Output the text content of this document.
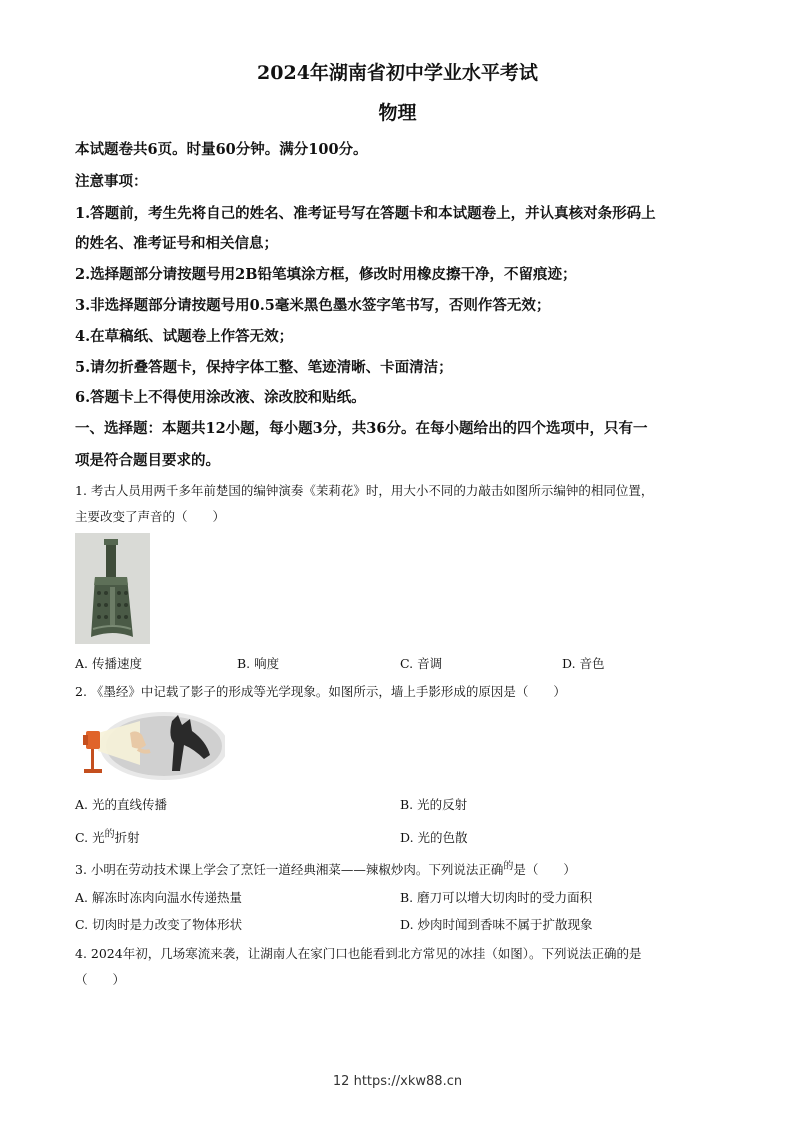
2024年湖南省初中学业水平考试
物理
本试题卷共6页。时量60分钟。满分100分。
注意事项：
1.答题前，考生先将自己的姓名、准考证号写在答题卡和本试题卷上，并认真核对条形码上
的姓名、准考证号和相关信息；
2.选择题部分请按题号用2B铅笔填涂方框，修改时用橡皮擦干净，不留痕迹；
3.非选择题部分请按题号用0.5毫米黑色墨水签字笔书写，否则作答无效；
4.在草稿纸、试题卷上作答无效；
5.请勿折叠答题卡，保持字体工整、笔迹清晰、卡面清洁；
6.答题卡上不得使用涂改液、涂改胶和贴纸。
一、选择题：本题共12小题，每小题3分，共36分。在每小题给出的四个选项中，只有一
项是符合题目要求的。
1. 考古人员用两千多年前楚国的编钟演奏《茉莉花》时，用大小不同的力敲击如图所示编钟的相同位置，
主要改变了声音的（　　）
A. 传播速度	B. 响度	C. 音调	D. 音色
2. 《墨经》中记载了影子的形成等光学现象。如图所示，墙上手影形成的原因是（　　）
A. 光的直线传播	B. 光的反射
C. 光$^的$折射	D. 光的色散
3. 小明在劳动技术课上学会了烹饪一道经典湘菜——辣椒炒肉。下列说法正确$^的$是（　　）
A. 解冻时冻肉向温水传递热量	B. 磨刀可以增大切肉时的受力面积
C. 切肉时是力改变了物体形状	D. 炒肉时闻到香味不属于扩散现象
4. 2024年初，几场寒流来袭，让湖南人在家门口也能看到北方常见的冰挂（如图）。下列说法正确的是
（　　）
12 https://xkw88.cn
